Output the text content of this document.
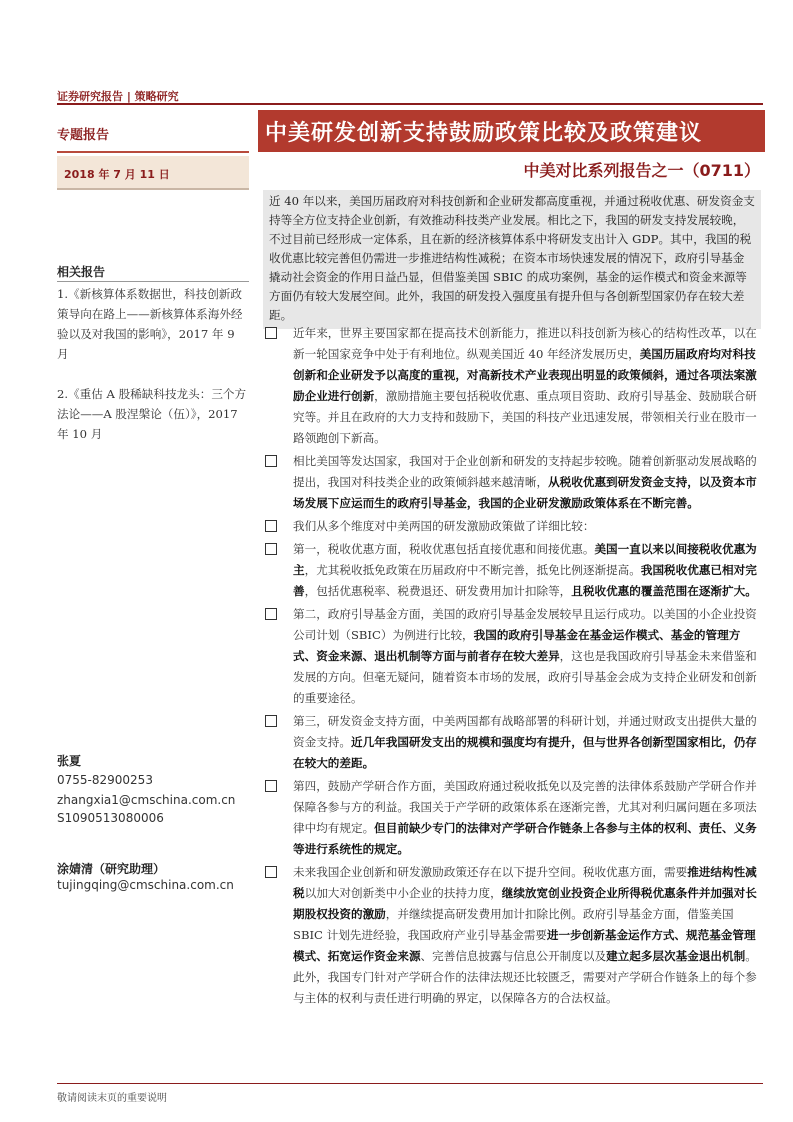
证券研究报告 | 策略研究
专题报告	中美研发创新支持鼓励政策比较及政策建议
2018 年 7 月 11 日	中美对比系列报告之一（0711）
近 40 年以来，美国历届政府对科技创新和企业研发都高度重视，并通过税收优惠、研发资金支持等全方位支持企业创新，有效推动科技类产业发展。相比之下，我国的研发支持发展较晚，不过目前已经形成一定体系，且在新的经济核算体系中将研发支出计入 GDP。其中，我国的税收优惠比较完善但仍需进一步推进结构性减税；在资本市场快速发展的情况下，政府引导基金撬动社会资金的作用日益凸显，但借鉴美国 SBIC 的成功案例，基金的运作模式和资金来源等方面仍有较大发展空间。此外，我国的研发投入强度虽有提升但与各创新型国家仍存在较大差距。
相关报告
1.《新核算体系数据世，科技创新政策导向在路上——新核算体系海外经验以及对我国的影响》，2017 年 9 月
2.《重估 A 股稀缺科技龙头：三个方法论——A 股涅槃论（伍）》，2017 年 10 月
张夏
0755-82900253
zhangxia1@cmschina.com.cn
S1090513080006
涂婧清（研究助理）
tujingqing@cmschina.com.cn
近年来，世界主要国家都在提高技术创新能力，推进以科技创新为核心的结构性改革，以在新一轮国家竞争中处于有利地位。纵观美国近 40 年经济发展历史，美国历届政府均对科技创新和企业研发予以高度的重视，对高新技术产业表现出明显的政策倾斜，通过各项法案激励企业进行创新，激励措施主要包括税收优惠、重点项目资助、政府引导基金、鼓励联合研究等。并且在政府的大力支持和鼓励下，美国的科技产业迅速发展，带领相关行业在股市一路领跑创下新高。
相比美国等发达国家，我国对于企业创新和研发的支持起步较晚。随着创新驱动发展战略的提出，我国对科技类企业的政策倾斜越来越清晰，从税收优惠到研发资金支持，以及资本市场发展下应运而生的政府引导基金，我国的企业研发激励政策体系在不断完善。
我们从多个维度对中美两国的研发激励政策做了详细比较：
第一，税收优惠方面，税收优惠包括直接优惠和间接优惠。美国一直以来以间接税收优惠为主，尤其税收抵免政策在历届政府中不断完善，抵免比例逐渐提高。我国税收优惠已相对完善，包括优惠税率、税费退还、研发费用加计扣除等，且税收优惠的覆盖范围在逐渐扩大。
第二，政府引导基金方面，美国的政府引导基金发展较早且运行成功。以美国的小企业投资公司计划（SBIC）为例进行比较，我国的政府引导基金在基金运作模式、基金的管理方式、资金来源、退出机制等方面与前者存在较大差异，这也是我国政府引导基金未来借鉴和发展的方向。但毫无疑问，随着资本市场的发展，政府引导基金会成为支持企业研发和创新的重要途径。
第三，研发资金支持方面，中美两国都有战略部署的科研计划，并通过财政支出提供大量的资金支持。近几年我国研发支出的规模和强度均有提升，但与世界各创新型国家相比，仍存在较大的差距。
第四，鼓励产学研合作方面，美国政府通过税收抵免以及完善的法律体系鼓励产学研合作并保障各参与方的利益。我国关于产学研的政策体系在逐渐完善，尤其对利归属问题在多项法律中均有规定。但目前缺少专门的法律对产学研合作链条上各参与主体的权利、责任、义务等进行系统性的规定。
未来我国企业创新和研发激励政策还存在以下提升空间。税收优惠方面，需要推进结构性减税以加大对创新类中小企业的扶持力度，继续放宽创业投资企业所得税优惠条件并加强对长期股权投资的激励，并继续提高研发费用加计扣除比例。政府引导基金方面，借鉴美国 SBIC 计划先进经验，我国政府产业引导基金需要进一步创新基金运作方式、规范基金管理模式、拓宽运作资金来源、完善信息披露与信息公开制度以及建立起多层次基金退出机制。此外，我国专门针对产学研合作的法律法规还比较匮乏，需要对产学研合作链条上的每个参与主体的权利与责任进行明确的界定，以保障各方的合法权益。
敬请阅读末页的重要说明
